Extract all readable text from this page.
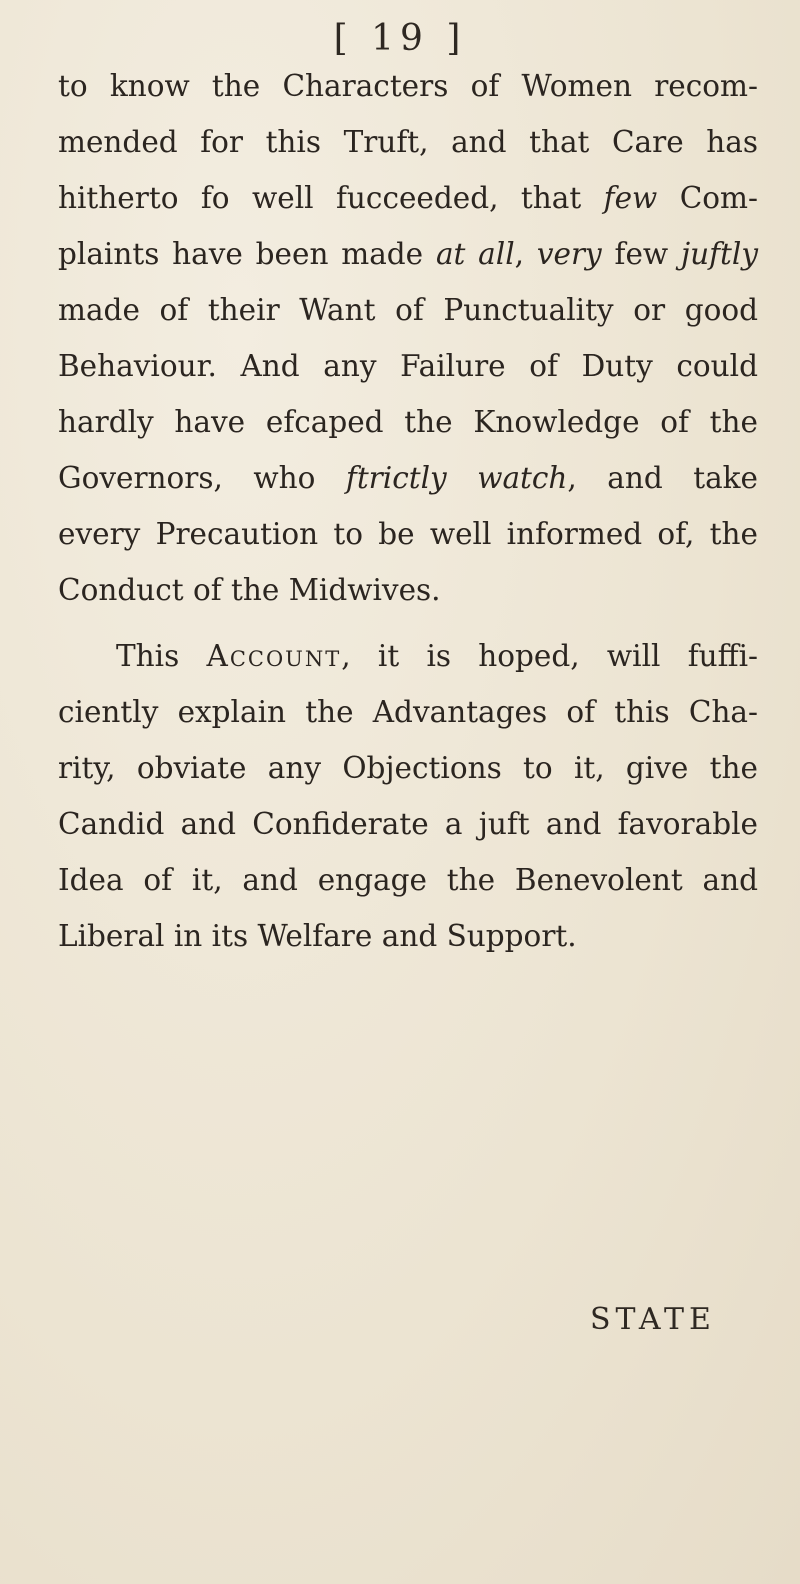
[ 19 ]

to know the Characters of Women recom-
mended for this Truft, and that Care has
hitherto fo well fucceeded, that few Com-
plaints have been made at all, very few juftly
made of their Want of Punctuality or good
Behaviour. And any Failure of Duty could
hardly have efcaped the Knowledge of the
Governors, who ftrictly watch, and take
every Precaution to be well informed of, the
Conduct of the Midwives.

This Account, it is hoped, will fuffi-
ciently explain the Advantages of this Cha-
rity, obviate any Objections to it, give the
Candid and Confiderate a juft and favorable
Idea of it, and engage the Benevolent and
Liberal in its Welfare and Support.

STATE
